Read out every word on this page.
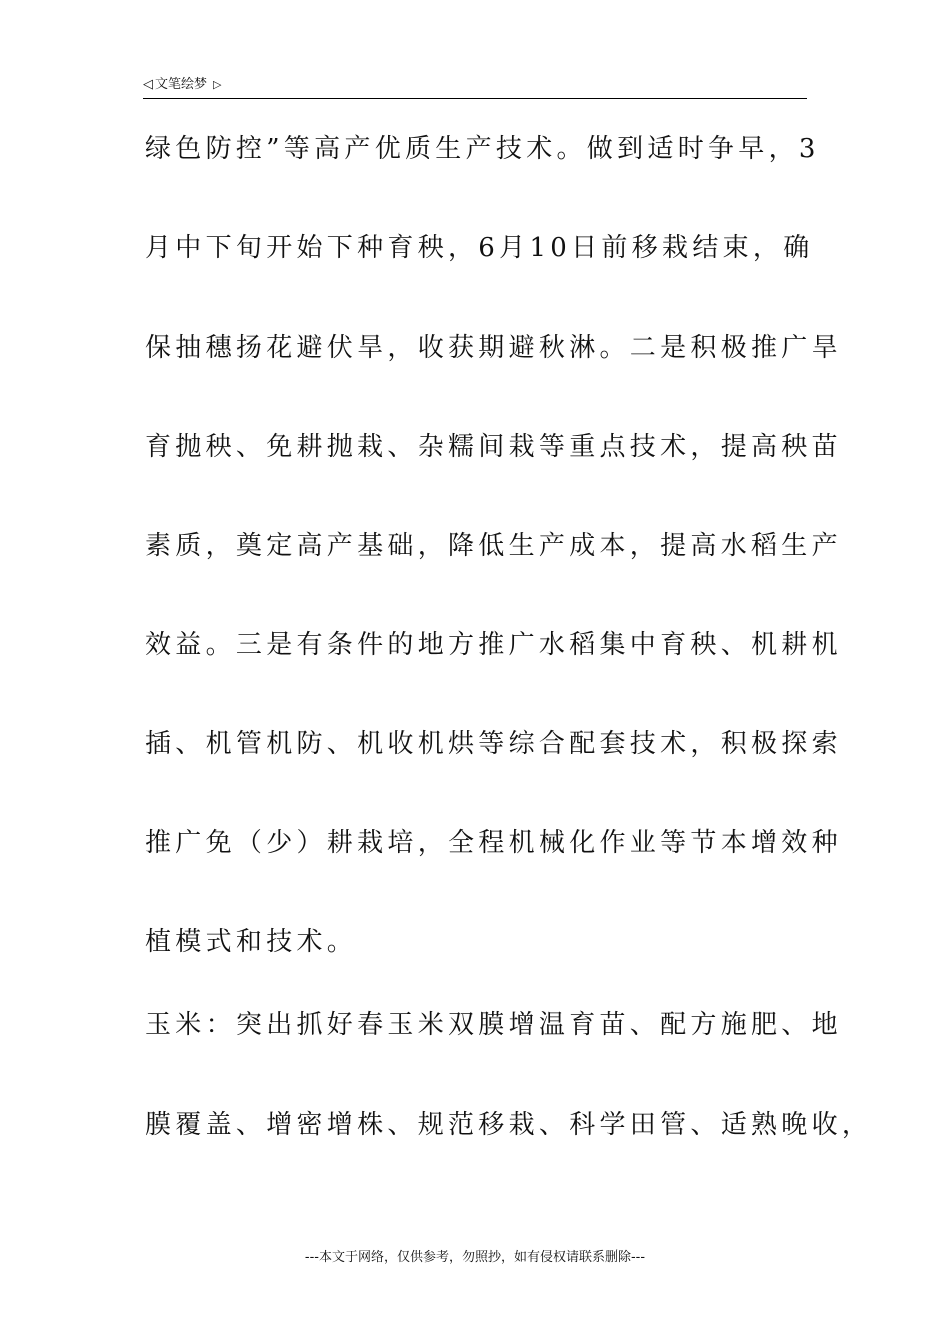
◁ 文笔绘梦 ▷
绿色防控”等高产优质生产技术。做到适时争早，3
月中下旬开始下种育秧，6月10日前移栽结束，确
保抽穗扬花避伏旱，收获期避秋淋。二是积极推广旱
育抛秧、免耕抛栽、杂糯间栽等重点技术，提高秧苗
素质，奠定高产基础，降低生产成本，提高水稻生产
效益。三是有条件的地方推广水稻集中育秧、机耕机
插、机管机防、机收机烘等综合配套技术，积极探索
推广免（少）耕栽培，全程机械化作业等节本增效种
植模式和技术。
玉米：突出抓好春玉米双膜增温育苗、配方施肥、地
膜覆盖、增密增株、规范移栽、科学田管、适熟晚收，
---本文于网络，仅供参考，勿照抄，如有侵权请联系删除---
